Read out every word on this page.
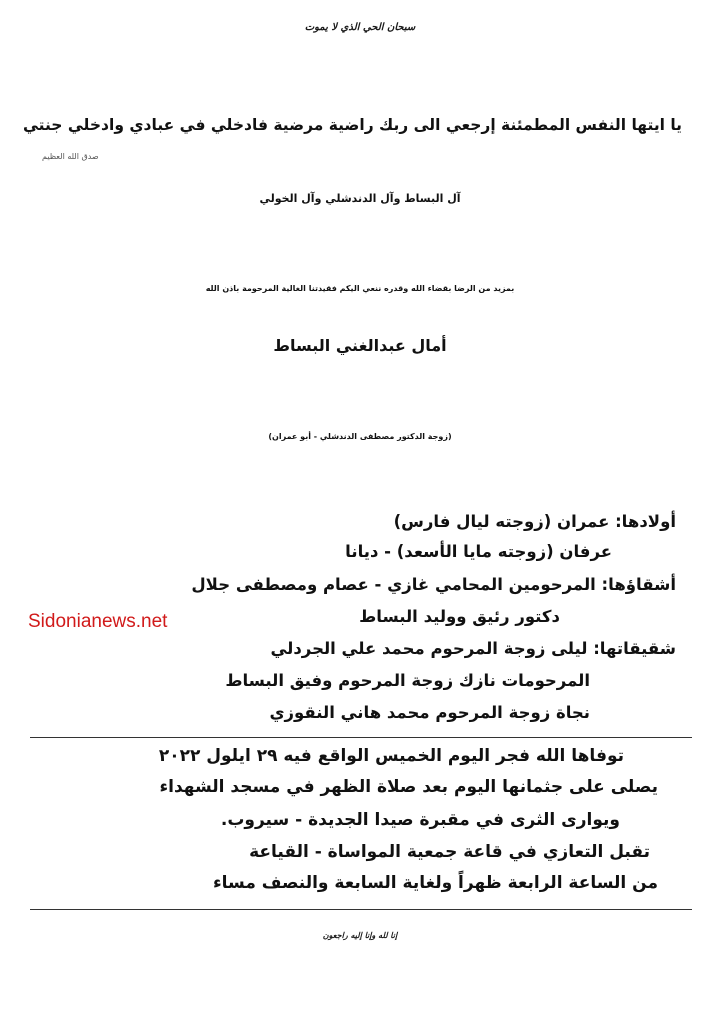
سبحان الحي الذي لا يموت
يا ايتها النفس المطمئنة إرجعي الى ربك راضية مرضية فادخلي في عبادي وادخلي جنتي
صدق الله العظيم
آل البساط وآل الدندشلي وآل الخولي
بمزيد من الرضا بقضاء الله وقدره ننعي اليكم فقيدتنا الغالية المرحومة باذن الله
أمال عبدالغني البساط
(زوجة الدكتور مصطفى الدندشلي - أبو عمران)
أولادها: عمران (زوجته ليال فارس)
عرفان (زوجته مايا الأسعد) - ديانا
أشقاؤها: المرحومين المحامي غازي - عصام ومصطفى جلال
دكتور رئيق ووليد البساط
شقيقاتها: ليلى زوجة المرحوم محمد علي الجردلي
المرحومات نازك زوجة المرحوم وفيق البساط
نجاة زوجة المرحوم محمد هاني النقوزي
Sidonianews.net
توفاها الله فجر اليوم الخميس الواقع فيه ٢٩ ايلول ٢٠٢٢
يصلى على جثمانها اليوم بعد صلاة الظهر في مسجد الشهداء
ويوارى الثرى في مقبرة صيدا الجديدة - سيروب.
تقبل التعازي في قاعة جمعية المواساة - القياعة
من الساعة الرابعة ظهراً ولغاية السابعة والنصف مساء
إنا لله وإنا إليه راجعون
